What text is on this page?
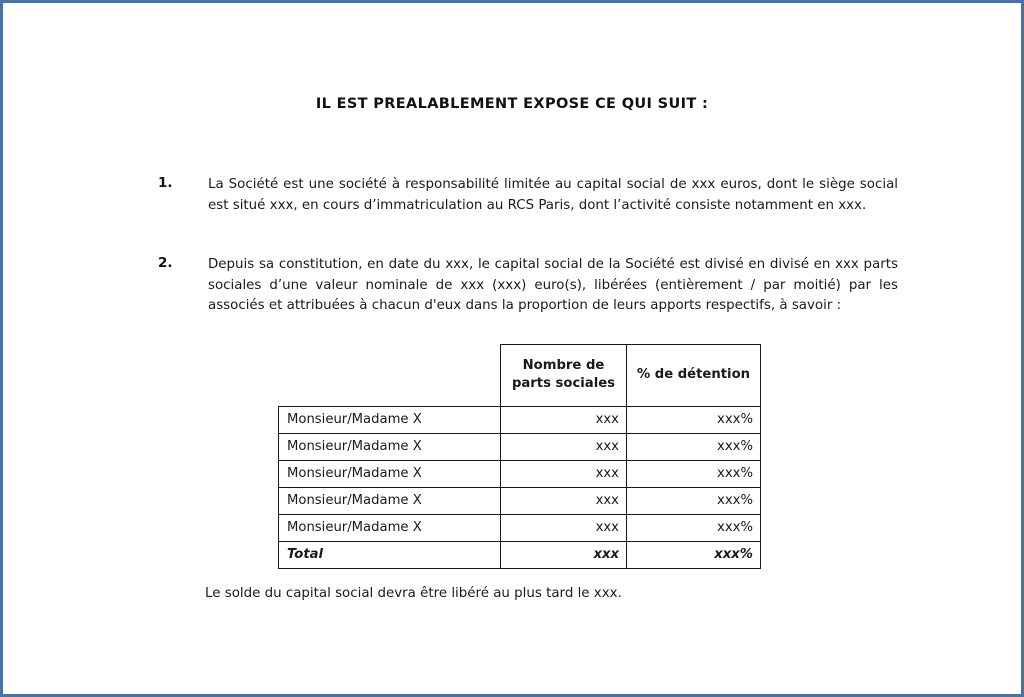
IL EST PREALABLEMENT EXPOSE CE QUI SUIT :
1.	La Société est une société à responsabilité limitée au capital social de xxx euros, dont le siège social est situé xxx, en cours d’immatriculation au RCS Paris, dont l’activité consiste notamment en xxx.
2.	Depuis sa constitution, en date du xxx, le capital social de la Société est divisé en divisé en xxx parts sociales d’une valeur nominale de xxx (xxx) euro(s), libérées (entièrement / par moitié) par les associés et attribuées à chacun d'eux dans la proportion de leurs apports respectifs, à savoir :
	Nombre de parts sociales	% de détention
Monsieur/Madame X	xxx	xxx%
Monsieur/Madame X	xxx	xxx%
Monsieur/Madame X	xxx	xxx%
Monsieur/Madame X	xxx	xxx%
Monsieur/Madame X	xxx	xxx%
Total	xxx	xxx%
Le solde du capital social devra être libéré au plus tard le xxx.
